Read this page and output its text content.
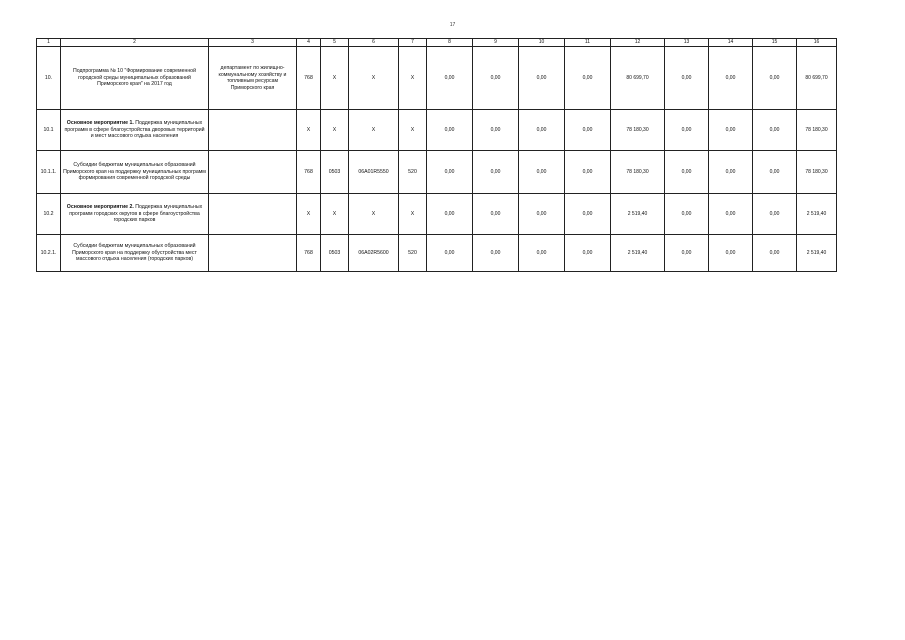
17
1	2	3	4	5	6	7	8	9	10	11	12	13	14	15	16
10.	Подпрограмма № 10 "Формирование современной городской среды муниципальных образований Приморского края" на 2017 год	департамент по жилищно-коммунальному хозяйству и топливным ресурсам Приморского края	768	X	X	X	0,00	0,00	0,00	0,00	80 699,70	0,00	0,00	0,00	80 699,70
10.1	Основное мероприятие 1. Поддержка муниципальных программ в сфере благоустройства дворовых территорий и мест массового отдыха населения		X	X	X	X	0,00	0,00	0,00	0,00	78 180,30	0,00	0,00	0,00	78 180,30
10.1.1.	Субсидии бюджетам муниципальных образований Приморского края на поддержку муниципальных программ формирования современной городской среды		768	0503	06А01R5550	520	0,00	0,00	0,00	0,00	78 180,30	0,00	0,00	0,00	78 180,30
10.2	Основное мероприятие 2. Поддержка муниципальных программ городских округов в сфере благоустройства городских парков		X	X	X	X	0,00	0,00	0,00	0,00	2 519,40	0,00	0,00	0,00	2 519,40
10.2.1.	Субсидии бюджетам муниципальных образований Приморского края на поддержку обустройства мест массового отдыха населения (городских парков)		768	0503	06А02R5600	520	0,00	0,00	0,00	0,00	2 519,40	0,00	0,00	0,00	2 519,40
